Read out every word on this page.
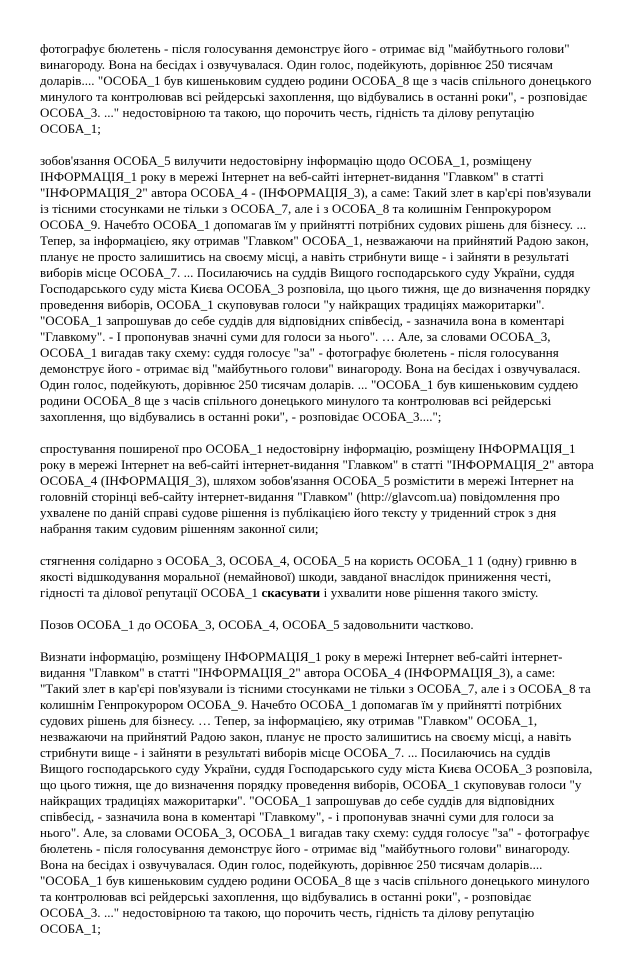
фотографує бюлетень - після голосування демонструє його - отримає від "майбутнього голови" винагороду. Вона на бесідах і озвучувалася. Один голос, подейкують, дорівнює 250 тисячам доларів.... "ОСОБА_1 був кишеньковим суддею родини ОСОБА_8 ще з часів спільного донецького минулого та контролював всі рейдерські захоплення, що відбувались в останні роки", - розповідає ОСОБА_3. ..." недостовірною та такою, що порочить честь, гідність та ділову репутацію ОСОБА_1;

зобов'язання ОСОБА_5 вилучити недостовірну інформацію щодо ОСОБА_1, розміщену ІНФОРМАЦІЯ_1 року в мережі Інтернет на веб-сайті інтернет-видання "Главком" в статті "ІНФОРМАЦІЯ_2" автора ОСОБА_4 - (ІНФОРМАЦІЯ_3), а саме: Такий злет в кар'єрі пов'язували із тісними стосунками не тільки з ОСОБА_7, але і з ОСОБА_8 та колишнім Генпрокурором ОСОБА_9. Начебто ОСОБА_1 допомагав їм у прийнятті потрібних судових рішень для бізнесу. ... Тепер, за інформацією, яку отримав "Главком" ОСОБА_1, незважаючи на прийнятий Радою закон, планує не просто залишитись на своєму місці, а навіть стрибнути вище - і зайняти в результаті виборів місце ОСОБА_7. ... Посилаючись на суддів Вищого господарського суду України, суддя Господарського суду міста Києва ОСОБА_3 розповіла, що цього тижня, ще до визначення порядку проведення виборів, ОСОБА_1 скуповував голоси "у найкращих традиціях мажоритарки". "ОСОБА_1 запрошував до себе суддів для відповідних співбесід, - зазначила вона в коментарі "Главкому". - І пропонував значні суми для голоси за нього". … Але, за словами ОСОБА_3, ОСОБА_1 вигадав таку схему: суддя голосує "за" - фотографує бюлетень - після голосування демонструє його - отримає від "майбутнього голови" винагороду. Вона на бесідах і озвучувалася. Один голос, подейкують, дорівнює 250 тисячам доларів. ... "ОСОБА_1 був кишеньковим суддею родини ОСОБА_8 ще з часів спільного донецького минулого та контролював всі рейдерські захоплення, що відбувались в останні роки", - розповідає ОСОБА_3....";

спростування поширеної про ОСОБА_1 недостовірну інформацію, розміщену ІНФОРМАЦІЯ_1 року в мережі Інтернет на веб-сайті інтернет-видання "Главком" в статті "ІНФОРМАЦІЯ_2" автора ОСОБА_4 (ІНФОРМАЦІЯ_3), шляхом зобов'язання ОСОБА_5 розмістити в мережі Інтернет на головній сторінці веб-сайту інтернет-видання "Главком" (http://glavcom.ua) повідомлення про ухвалене по даній справі судове рішення із публікацією його тексту у триденний строк з дня набрання таким судовим рішенням законної сили;

стягнення солідарно з ОСОБА_3, ОСОБА_4, ОСОБА_5 на користь ОСОБА_1 1 (одну) гривню в якості відшкодування моральної (немайнової) шкоди, завданої внаслідок приниження честі, гідності та ділової репутації ОСОБА_1 скасувати і ухвалити нове рішення такого змісту.

Позов ОСОБА_1 до ОСОБА_3, ОСОБА_4, ОСОБА_5 задовольнити частково.

Визнати інформацію, розміщену ІНФОРМАЦІЯ_1 року в мережі Інтернет веб-сайті інтернет-видання "Главком" в статті "ІНФОРМАЦІЯ_2" автора ОСОБА_4 (ІНФОРМАЦІЯ_3), а саме: "Такий злет в кар'єрі пов'язували із тісними стосунками не тільки з ОСОБА_7, але і з ОСОБА_8 та колишнім Генпрокурором ОСОБА_9. Начебто ОСОБА_1 допомагав їм у прийнятті потрібних судових рішень для бізнесу. … Тепер, за інформацією, яку отримав "Главком" ОСОБА_1, незважаючи на прийнятий Радою закон, планує не просто залишитись на своєму місці, а навіть стрибнути вище - і зайняти в результаті виборів місце ОСОБА_7. ... Посилаючись на суддів Вищого господарського суду України, суддя Господарського суду міста Києва ОСОБА_3 розповіла, що цього тижня, ще до визначення порядку проведення виборів, ОСОБА_1 скуповував голоси "у найкращих традиціях мажоритарки". "ОСОБА_1 запрошував до себе суддів для відповідних співбесід, - зазначила вона в коментарі "Главкому", - і пропонував значні суми для голоси за нього". Але, за словами ОСОБА_3, ОСОБА_1 вигадав таку схему: суддя голосує "за" - фотографує бюлетень - після голосування демонструє його - отримає від "майбутнього голови" винагороду. Вона на бесідах і озвучувалася. Один голос, подейкують, дорівнює 250 тисячам доларів.... "ОСОБА_1 був кишеньковим суддею родини ОСОБА_8 ще з часів спільного донецького минулого та контролював всі рейдерські захоплення, що відбувались в останні роки", - розповідає ОСОБА_3. ..." недостовірною та такою, що порочить честь, гідність та ділову репутацію ОСОБА_1;
